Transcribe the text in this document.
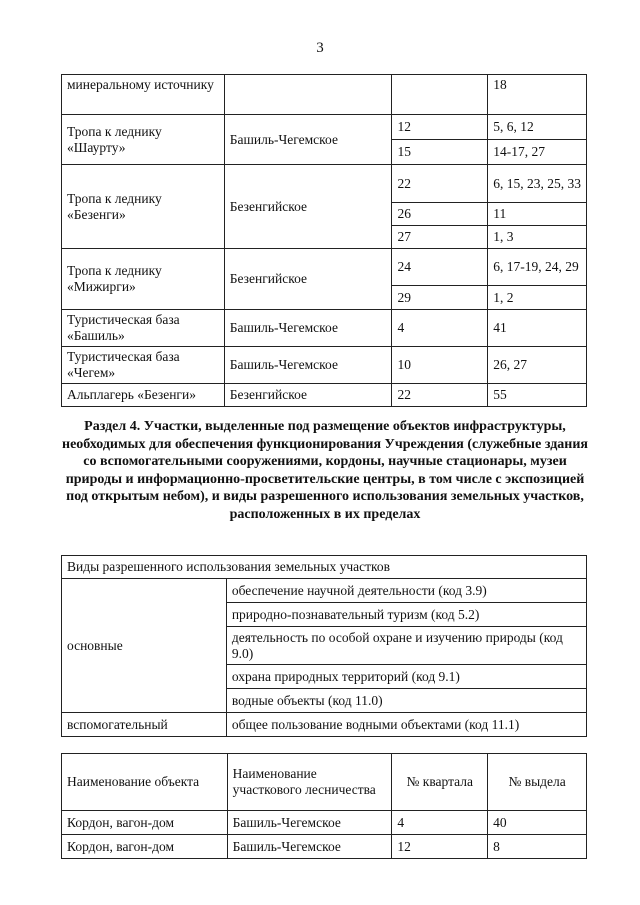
3
минеральному источнику			18
Тропа к леднику «Шаурту»	Башиль-Чегемское	12	5, 6, 12
		15	14-17, 27
Тропа к леднику «Безенги»	Безенгийское	22	6, 15, 23, 25, 33
		26	11
		27	1, 3
Тропа к леднику «Мижирги»	Безенгийское	24	6, 17-19, 24, 29
		29	1, 2
Туристическая база «Башиль»	Башиль-Чегемское	4	41
Туристическая база «Чегем»	Башиль-Чегемское	10	26, 27
Альплагерь «Безенги»	Безенгийское	22	55
Раздел 4. Участки, выделенные под размещение объектов инфраструктуры, необходимых для обеспечения функционирования Учреждения (служебные здания со вспомогательными сооружениями, кордоны, научные стационары, музеи природы и информационно-просветительские центры, в том числе с экспозицией под открытым небом), и виды разрешенного использования земельных участков, расположенных в их пределах
Виды разрешенного использования земельных участков	
основные	обеспечение научной деятельности (код 3.9)
	природно-познавательный туризм (код 5.2)
	деятельность по особой охране и изучению природы (код 9.0)
	охрана природных территорий (код 9.1)
	водные объекты (код 11.0)
вспомогательный	общее пользование водными объектами (код 11.1)
Наименование объекта	Наименование участкового лесничества	№ квартала	№ выдела
Кордон, вагон-дом	Башиль-Чегемское	4	40
Кордон, вагон-дом	Башиль-Чегемское	12	8
